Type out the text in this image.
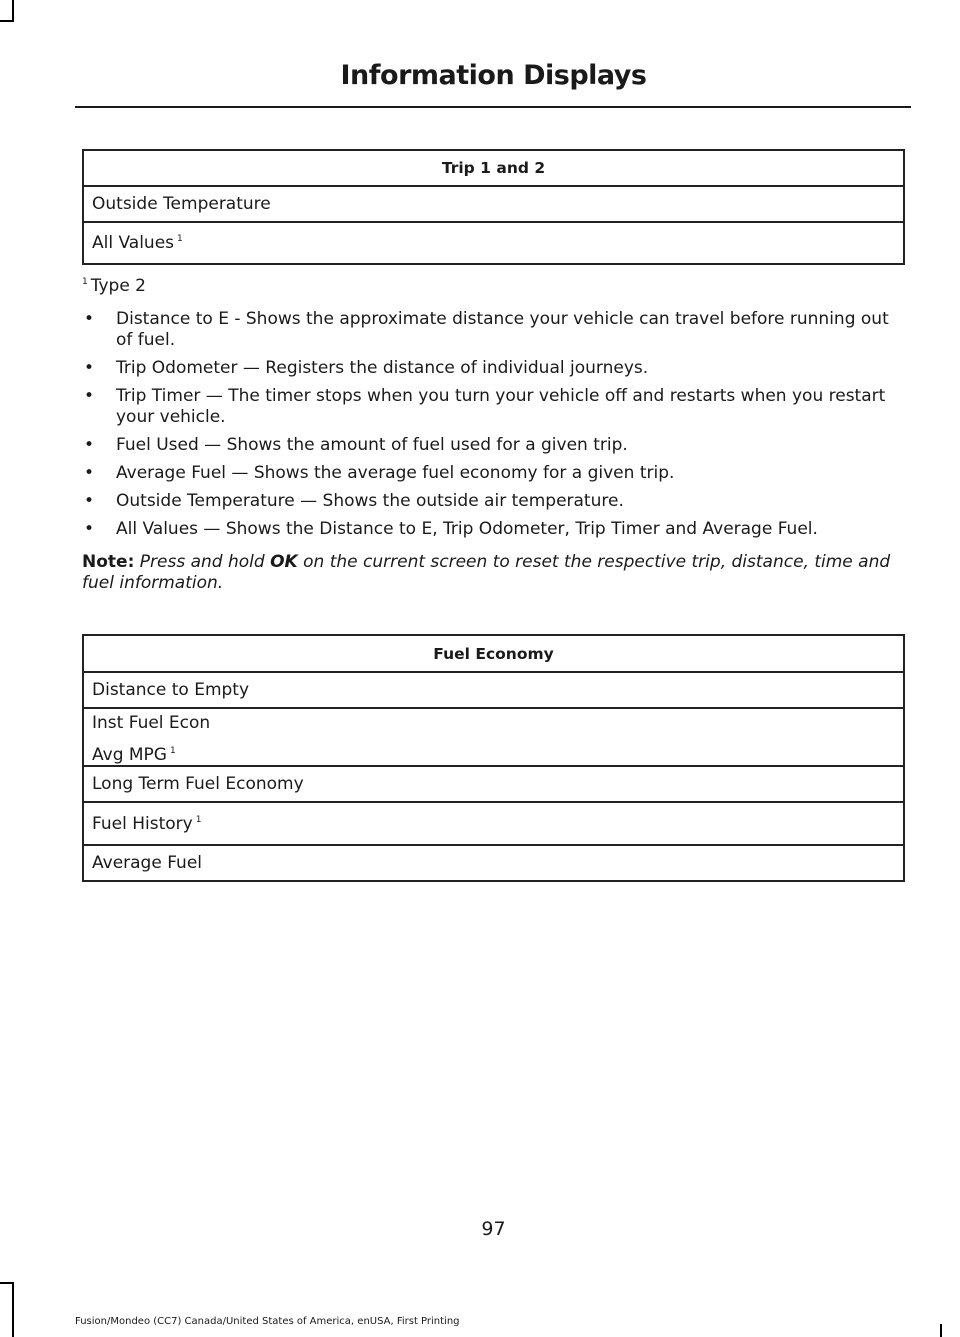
Information Displays
Trip 1 and 2
Outside Temperature
All Values $^1$
$^1$ Type 2
• Distance to E - Shows the approximate distance your vehicle can travel before running out of fuel.
• Trip Odometer — Registers the distance of individual journeys.
• Trip Timer — The timer stops when you turn your vehicle off and restarts when you restart your vehicle.
• Fuel Used — Shows the amount of fuel used for a given trip.
• Average Fuel — Shows the average fuel economy for a given trip.
• Outside Temperature — Shows the outside air temperature.
• All Values — Shows the Distance to E, Trip Odometer, Trip Timer and Average Fuel.
Note: Press and hold OK on the current screen to reset the respective trip, distance, time and fuel information.
Fuel Economy
Distance to Empty

Inst Fuel Econ
Avg MPG $^1$

Long Term Fuel Economy
Fuel History $^1$
Average Fuel
97
Fusion/Mondeo (CC7) Canada/United States of America, enUSA, First Printing
